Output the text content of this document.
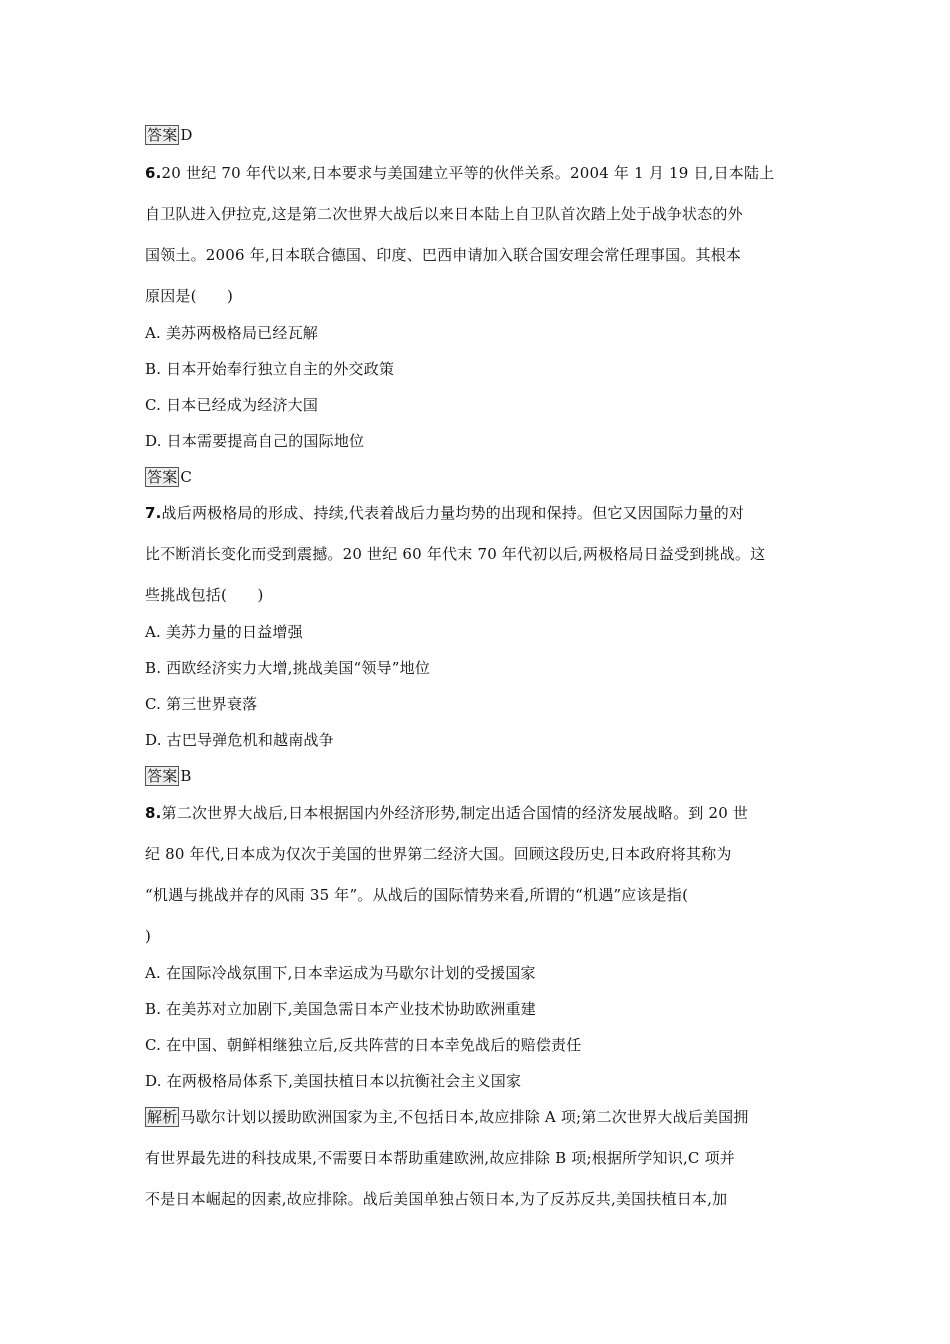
答案 D
6.20 世纪 70 年代以来,日本要求与美国建立平等的伙伴关系。2004 年 1 月 19 日,日本陆上
自卫队进入伊拉克,这是第二次世界大战后以来日本陆上自卫队首次踏上处于战争状态的外
国领土。2006 年,日本联合德国、印度、巴西申请加入联合国安理会常任理事国。其根本
原因是(　　)
A. 美苏两极格局已经瓦解
B. 日本开始奉行独立自主的外交政策
C. 日本已经成为经济大国
D. 日本需要提高自己的国际地位
答案 C
7.战后两极格局的形成、持续,代表着战后力量均势的出现和保持。但它又因国际力量的对
比不断消长变化而受到震撼。20 世纪 60 年代末 70 年代初以后,两极格局日益受到挑战。这
些挑战包括(　　)
A. 美苏力量的日益增强
B. 西欧经济实力大增,挑战美国“领导”地位
C. 第三世界衰落
D. 古巴导弹危机和越南战争
答案 B
8.第二次世界大战后,日本根据国内外经济形势,制定出适合国情的经济发展战略。到 20 世
纪 80 年代,日本成为仅次于美国的世界第二经济大国。回顾这段历史,日本政府将其称为
“机遇与挑战并存的风雨 35 年”。从战后的国际情势来看,所谓的“机遇”应该是指(
)
A. 在国际冷战氛围下,日本幸运成为马歇尔计划的受援国家
B. 在美苏对立加剧下,美国急需日本产业技术协助欧洲重建
C. 在中国、朝鲜相继独立后,反共阵营的日本幸免战后的赔偿责任
D. 在两极格局体系下,美国扶植日本以抗衡社会主义国家
解析 马歇尔计划以援助欧洲国家为主,不包括日本,故应排除 A 项;第二次世界大战后美国拥
有世界最先进的科技成果,不需要日本帮助重建欧洲,故应排除 B 项;根据所学知识,C 项并
不是日本崛起的因素,故应排除。战后美国单独占领日本,为了反苏反共,美国扶植日本,加
